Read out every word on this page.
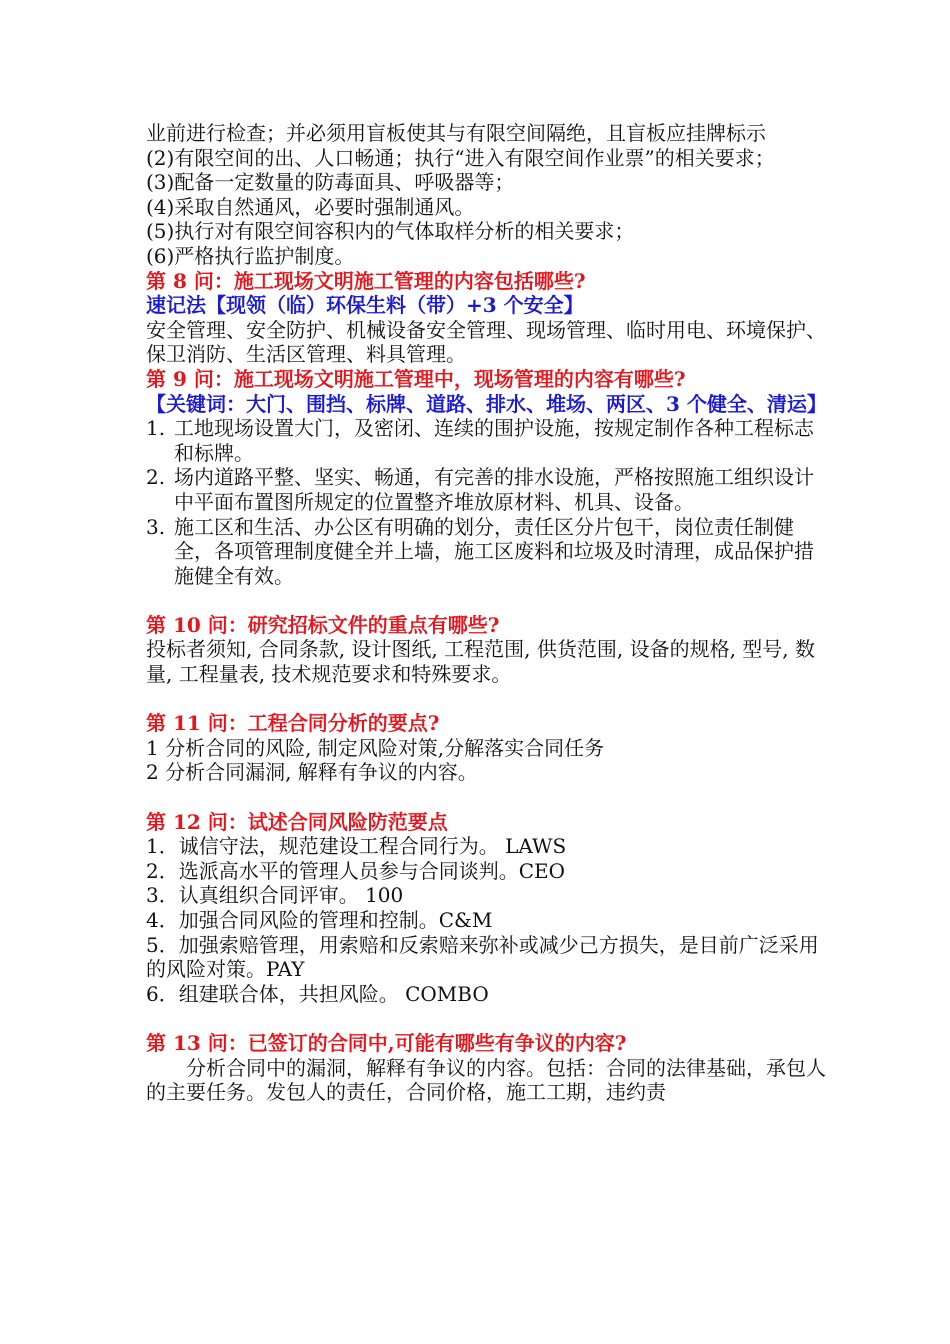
业前进行检查；并必须用盲板使其与有限空间隔绝，且盲板应挂牌标示

(2)有限空间的出、人口畅通；执行“进入有限空间作业票”的相关要求；

(3)配备一定数量的防毒面具、呼吸器等；

(4)采取自然通风，必要时强制通风。

(5)执行对有限空间容积内的气体取样分析的相关要求；

(6)严格执行监护制度。

第 8 问：施工现场文明施工管理的内容包括哪些?

速记法【现领（临）环保生料（带）+3 个安全】

安全管理、安全防护、机械设备安全管理、现场管理、临时用电、环境保护、保卫消防、生活区管理、料具管理。

第 9 问：施工现场文明施工管理中，现场管理的内容有哪些?

【关键词：大门、围挡、标牌、道路、排水、堆场、两区、3 个健全、清运】

1. 工地现场设置大门，及密闭、连续的围护设施，按规定制作各种工程标志和标牌。
2. 场内道路平整、坚实、畅通，有完善的排水设施，严格按照施工组织设计中平面布置图所规定的位置整齐堆放原材料、机具、设备。
3. 施工区和生活、办公区有明确的划分，责任区分片包干，岗位责任制健全，各项管理制度健全并上墙，施工区废料和垃圾及时清理，成品保护措施健全有效。

第 10 问：研究招标文件的重点有哪些?

投标者须知, 合同条款, 设计图纸, 工程范围, 供货范围, 设备的规格, 型号, 数量, 工程量表, 技术规范要求和特殊要求。

第 11 问：工程合同分析的要点?

1 分析合同的风险, 制定风险对策,分解落实合同任务

2 分析合同漏洞, 解释有争议的内容。

第 12 问：试述合同风险防范要点

1．诚信守法，规范建设工程合同行为。 LAWS

2．选派高水平的管理人员参与合同谈判。CEO

3．认真组织合同评审。 100

4．加强合同风险的管理和控制。C&M

5．加强索赔管理，用索赔和反索赔来弥补或减少己方损失，是目前广泛采用的风险对策。PAY

6．组建联合体，共担风险。 COMBO

第 13 问：已签订的合同中,可能有哪些有争议的内容?

分析合同中的漏洞，解释有争议的内容。包括：合同的法律基础，承包人的主要任务。发包人的责任，合同价格，施工工期，违约责
